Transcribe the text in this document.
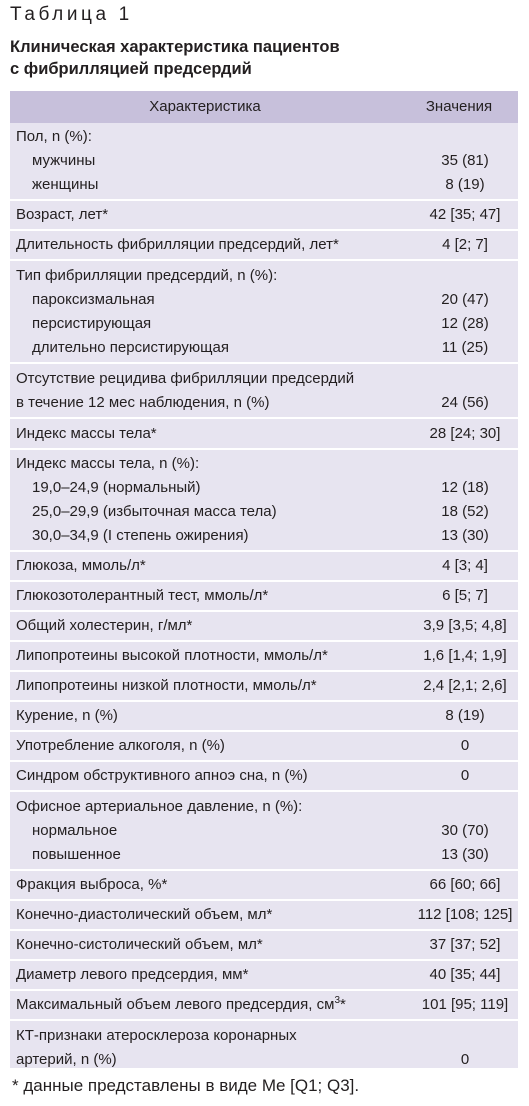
Таблица 1
Клиническая характеристика пациентов
с фибрилляцией предсердий
Характеристика	Значения
Пол, n (%):
мужчины	35 (81)
женщины	8 (19)
Возраст, лет*	42 [35; 47]
Длительность фибрилляции предсердий, лет*	4 [2; 7]
Тип фибрилляции предсердий, n (%):
пароксизмальная	20 (47)
персистирующая	12 (28)
длительно персистирующая	11 (25)
Отсутствие рецидива фибрилляции предсердий
в течение 12 мес наблюдения, n (%)	24 (56)
Индекс массы тела*	28 [24; 30]
Индекс массы тела, n (%):
19,0–24,9 (нормальный)	12 (18)
25,0–29,9 (избыточная масса тела)	18 (52)
30,0–34,9 (I степень ожирения)	13 (30)
Глюкоза, ммоль/л*	4 [3; 4]
Глюкозотолерантный тест, ммоль/л*	6 [5; 7]
Общий холестерин, г/мл*	3,9 [3,5; 4,8]
Липопротеины высокой плотности, ммоль/л*	1,6 [1,4; 1,9]
Липопротеины низкой плотности, ммоль/л*	2,4 [2,1; 2,6]
Курение, n (%)	8 (19)
Употребление алкоголя, n (%)	0
Синдром обструктивного апноэ сна, n (%)	0
Офисное артериальное давление, n (%):
нормальное	30 (70)
повышенное	13 (30)
Фракция выброса, %*	66 [60; 66]
Конечно-диастолический объем, мл*	112 [108; 125]
Конечно-систолический объем, мл*	37 [37; 52]
Диаметр левого предсердия, мм*	40 [35; 44]
Максимальный объем левого предсердия, $см^3*$	101 [95; 119]
КТ-признаки атеросклероза коронарных
артерий, n (%)	0
* данные представлены в виде Me [Q1; Q3].
